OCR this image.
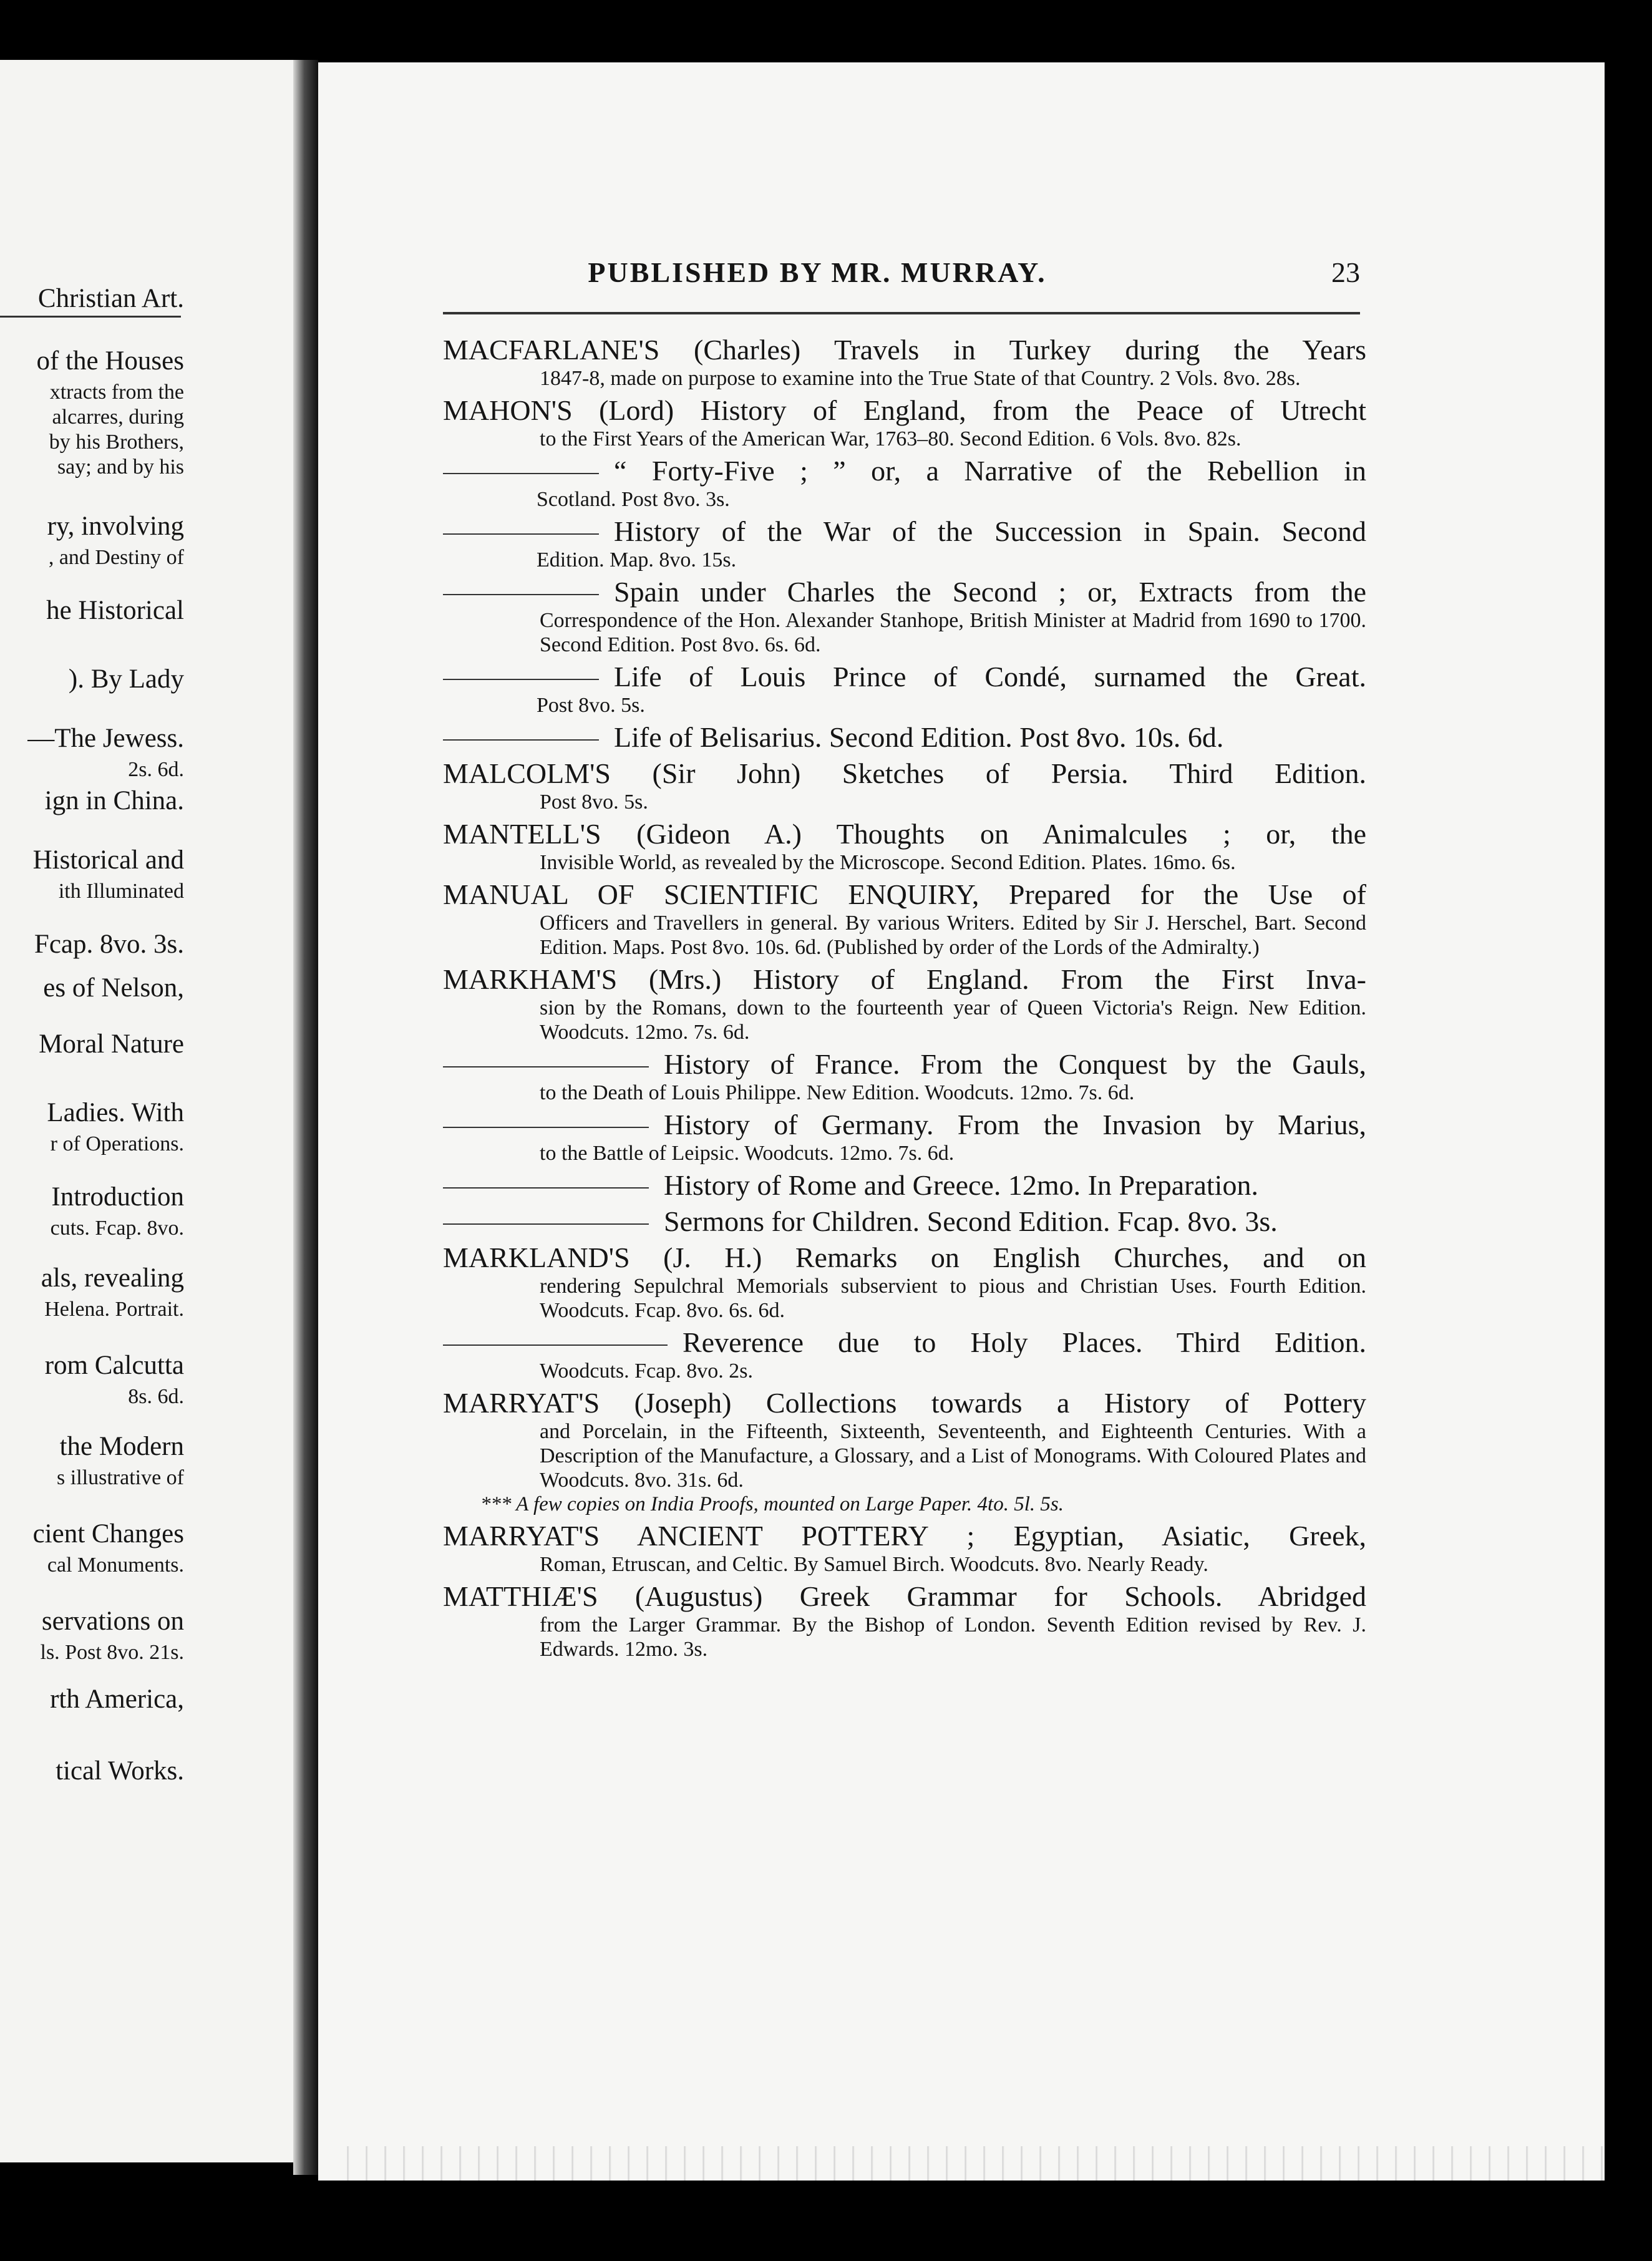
Christian Art.
of the Houses
xtracts from the
alcarres, during
by his Brothers,
say; and by his
ry, involving
, and Destiny of
he Historical
). By Lady
—The Jewess.
2s. 6d.
ign in China.
Historical and
ith Illuminated
Fcap. 8vo. 3s.
es of Nelson,
Moral Nature
Ladies. With
r of Operations.
Introduction
cuts. Fcap. 8vo.
als, revealing
Helena. Portrait.
rom Calcutta
8s. 6d.
the Modern
s illustrative of
cient Changes
cal Monuments.
servations on
ls. Post 8vo. 21s.
rth America,
tical Works.
PUBLISHED BY MR. MURRAY.	23
MACFARLANE'S (Charles) Travels in Turkey during the Years
1847-8, made on purpose to examine into the True State of that Country. 2 Vols. 8vo. 28s.
MAHON'S (Lord) History of England, from the Peace of Utrecht
to the First Years of the American War, 1763–80. Second Edition. 6 Vols. 8vo. 82s.
“ Forty-Five ; ” or, a Narrative of the Rebellion in
Scotland. Post 8vo. 3s.
History of the War of the Succession in Spain. Second
Edition. Map. 8vo. 15s.
Spain under Charles the Second ; or, Extracts from the
Correspondence of the Hon. Alexander Stanhope, British Minister at Madrid from 1690 to 1700. Second Edition. Post 8vo. 6s. 6d.
Life of Louis Prince of Condé, surnamed the Great.
Post 8vo. 5s.
Life of Belisarius. Second Edition. Post 8vo. 10s. 6d.
MALCOLM'S (Sir John) Sketches of Persia. Third Edition.
Post 8vo. 5s.
MANTELL'S (Gideon A.) Thoughts on Animalcules ; or, the
Invisible World, as revealed by the Microscope. Second Edition. Plates. 16mo. 6s.
MANUAL OF SCIENTIFIC ENQUIRY, Prepared for the Use of
Officers and Travellers in general. By various Writers. Edited by Sir J. Herschel, Bart. Second Edition. Maps. Post 8vo. 10s. 6d. (Published by order of the Lords of the Admiralty.)
MARKHAM'S (Mrs.) History of England. From the First Inva-
sion by the Romans, down to the fourteenth year of Queen Victoria's Reign. New Edition. Woodcuts. 12mo. 7s. 6d.
History of France. From the Conquest by the Gauls,
to the Death of Louis Philippe. New Edition. Woodcuts. 12mo. 7s. 6d.
History of Germany. From the Invasion by Marius,
to the Battle of Leipsic. Woodcuts. 12mo. 7s. 6d.
History of Rome and Greece. 12mo. In Preparation.
Sermons for Children. Second Edition. Fcap. 8vo. 3s.
MARKLAND'S (J. H.) Remarks on English Churches, and on
rendering Sepulchral Memorials subservient to pious and Christian Uses. Fourth Edition. Woodcuts. Fcap. 8vo. 6s. 6d.
Reverence due to Holy Places. Third Edition.
Woodcuts. Fcap. 8vo. 2s.
MARRYAT'S (Joseph) Collections towards a History of Pottery
and Porcelain, in the Fifteenth, Sixteenth, Seventeenth, and Eighteenth Centuries. With a Description of the Manufacture, a Glossary, and a List of Monograms. With Coloured Plates and Woodcuts. 8vo. 31s. 6d.
*** A few copies on India Proofs, mounted on Large Paper. 4to. 5l. 5s.
MARRYAT'S ANCIENT POTTERY ; Egyptian, Asiatic, Greek,
Roman, Etruscan, and Celtic. By Samuel Birch. Woodcuts. 8vo. Nearly Ready.
MATTHIÆ'S (Augustus) Greek Grammar for Schools. Abridged
from the Larger Grammar. By the Bishop of London. Seventh Edition revised by Rev. J. Edwards. 12mo. 3s.
